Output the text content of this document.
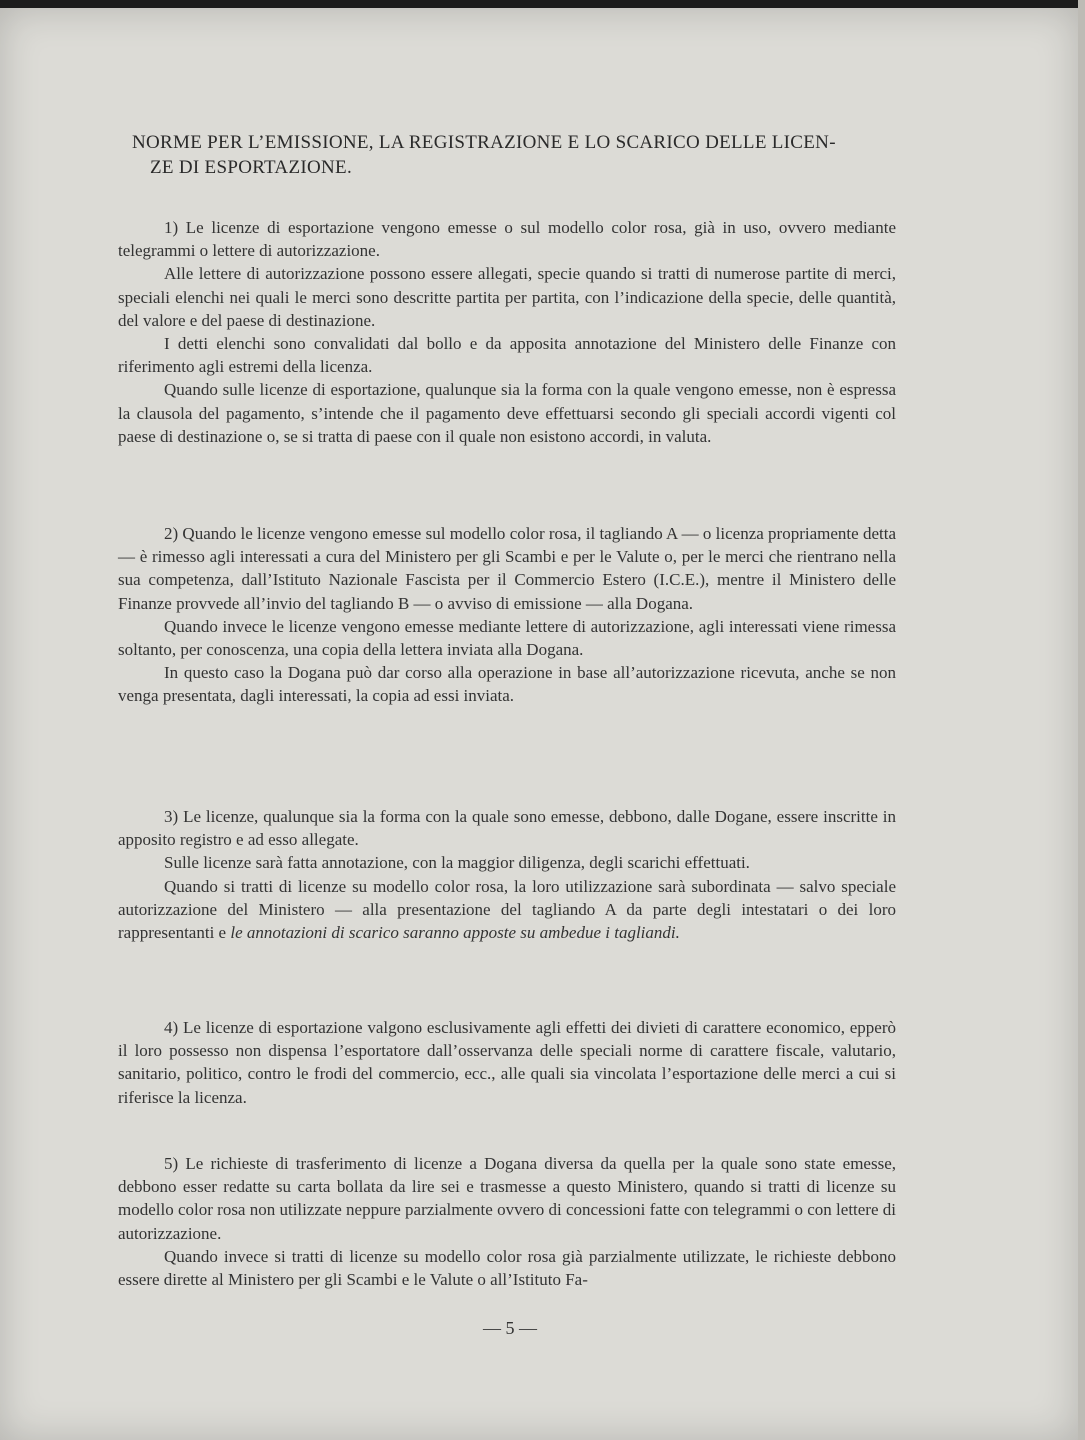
NORME PER L’EMISSIONE, LA REGISTRAZIONE E LO SCARICO DELLE LICEN-
ZE DI ESPORTAZIONE.

1) Le licenze di esportazione vengono emesse o sul modello color rosa, già in uso, ovvero mediante telegrammi o lettere di autorizzazione.

Alle lettere di autorizzazione possono essere allegati, specie quando si tratti di numerose partite di merci, speciali elenchi nei quali le merci sono descritte partita per partita, con l’indicazione della specie, delle quantità, del valore e del paese di destinazione.

I detti elenchi sono convalidati dal bollo e da apposita annotazione del Ministero delle Finanze con riferimento agli estremi della licenza.

Quando sulle licenze di esportazione, qualunque sia la forma con la quale vengono emesse, non è espressa la clausola del pagamento, s’intende che il pagamento deve effettuarsi secondo gli speciali accordi vigenti col paese di destinazione o, se si tratta di paese con il quale non esistono accordi, in valuta.

2) Quando le licenze vengono emesse sul modello color rosa, il tagliando A — o licenza propriamente detta — è rimesso agli interessati a cura del Ministero per gli Scambi e per le Valute o, per le merci che rientrano nella sua competenza, dall’Istituto Nazionale Fascista per il Commercio Estero (I.C.E.), mentre il Ministero delle Finanze provvede all’invio del tagliando B — o avviso di emissione — alla Dogana.

Quando invece le licenze vengono emesse mediante lettere di autorizzazione, agli interessati viene rimessa soltanto, per conoscenza, una copia della lettera inviata alla Dogana.

In questo caso la Dogana può dar corso alla operazione in base all’autorizzazione ricevuta, anche se non venga presentata, dagli interessati, la copia ad essi inviata.

3) Le licenze, qualunque sia la forma con la quale sono emesse, debbono, dalle Dogane, essere inscritte in apposito registro e ad esso allegate.

Sulle licenze sarà fatta annotazione, con la maggior diligenza, degli scarichi effettuati.

Quando si tratti di licenze su modello color rosa, la loro utilizzazione sarà subordinata — salvo speciale autorizzazione del Ministero — alla presentazione del tagliando A da parte degli intestatari o dei loro rappresentanti e le annotazioni di scarico saranno apposte su ambedue i tagliandi.

4) Le licenze di esportazione valgono esclusivamente agli effetti dei divieti di carattere economico, epperò il loro possesso non dispensa l’esportatore dall’osservanza delle speciali norme di carattere fiscale, valutario, sanitario, politico, contro le frodi del commercio, ecc., alle quali sia vincolata l’esportazione delle merci a cui si riferisce la licenza.

5) Le richieste di trasferimento di licenze a Dogana diversa da quella per la quale sono state emesse, debbono esser redatte su carta bollata da lire sei e trasmesse a questo Ministero, quando si tratti di licenze su modello color rosa non utilizzate neppure parzialmente ovvero di concessioni fatte con telegrammi o con lettere di autorizzazione.

Quando invece si tratti di licenze su modello color rosa già parzialmente utilizzate, le richieste debbono essere dirette al Ministero per gli Scambi e le Valute o all’Istituto Fa-

— 5 —
